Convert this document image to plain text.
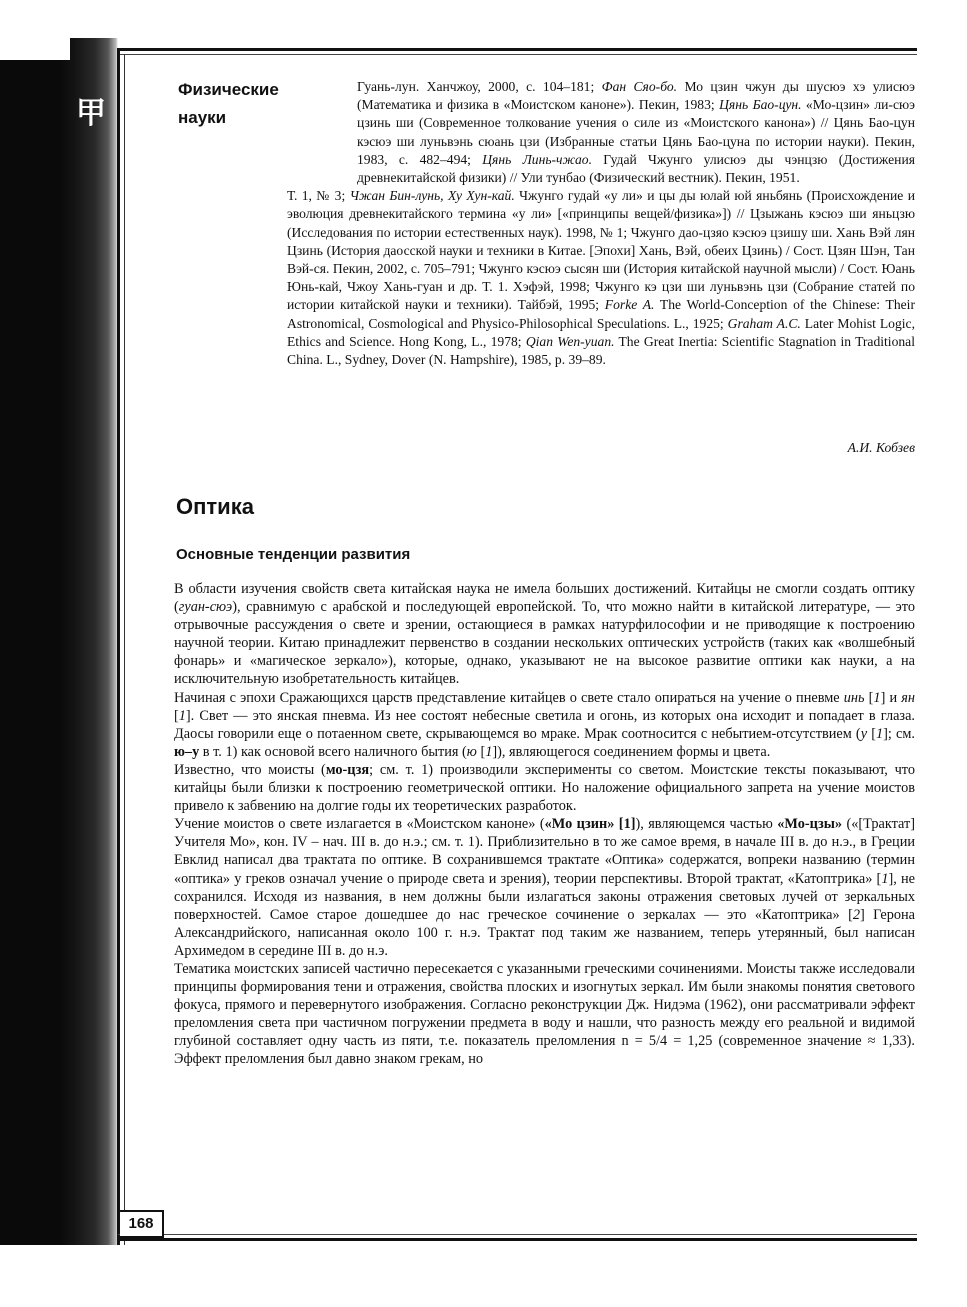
甲
168
Физические
науки
Гуань-лун. Ханчжоу, 2000, с. 104–181; Фан Сяо-бо. Мо цзин чжун ды шусюэ хэ улисюэ (Математика и физика в «Моистском каноне»). Пекин, 1983; Цянь Бао-цун. «Мо-цзин» ли-сюэ цзинь ши (Современное толкование учения о силе из «Моистского канона») // Цянь Бао-цун кэсюэ ши луньвэнь сюань цзи (Избранные статьи Цянь Бао-цуна по истории науки). Пекин, 1983, с. 482–494; Цянь Линь-чжао. Гудай Чжунго улисюэ ды чэнцзю (Достижения древнекитайской физики) // Ули тунбао (Физический вестник). Пекин, 1951.
Т. 1, № 3; Чжан Бин-лунь, Ху Хун-кай. Чжунго гудай «у ли» и цы ды юлай юй яньбянь (Происхождение и эволюция древнекитайского термина «у ли» [«принципы вещей/физика»]) // Цзыжань кэсюэ ши яньцзю (Исследования по истории естественных наук). 1998, № 1; Чжунго дао-цзяо кэсюэ цзишу ши. Хань Вэй лян Цзинь (История даосской науки и техники в Китае. [Эпохи] Хань, Вэй, обеих Цзинь) / Сост. Цзян Шэн, Тан Вэй-ся. Пекин, 2002, с. 705–791; Чжунго кэсюэ сысян ши (История китайской научной мысли) / Сост. Юань Юнь-кай, Чжоу Хань-гуан и др. Т. 1. Хэфэй, 1998; Чжунго кэ цзи ши луньвэнь цзи (Собрание статей по истории китайской науки и техники). Тайбэй, 1995; Forke A. The World-Conception of the Chinese: Their Astronomical, Cosmological and Physico-Philosophical Speculations. L., 1925; Graham A.C. Later Mohist Logic, Ethics and Science. Hong Kong, L., 1978; Qian Wen-yuan. The Great Inertia: Scientific Stagnation in Traditional China. L., Sydney, Dover (N. Hampshire), 1985, p. 39–89.
А.И. Кобзев
Оптика
Основные тенденции развития

В области изучения свойств света китайская наука не имела больших достижений. Китайцы не смогли создать оптику (гуан-сюэ), сравнимую с арабской и последующей европейской. То, что можно найти в китайской литературе, — это отрывочные рассуждения о свете и зрении, остающиеся в рамках натурфилософии и не приводящие к построению научной теории. Китаю принадлежит первенство в создании нескольких оптических устройств (таких как «волшебный фонарь» и «магическое зеркало»), которые, однако, указывают не на высокое развитие оптики как науки, а на исключительную изобретательность китайцев.

Начиная с эпохи Сражающихся царств представление китайцев о свете стало опираться на учение о пневме инь [1] и ян [1]. Свет — это янская пневма. Из нее состоят небесные светила и огонь, из которых она исходит и попадает в глаза. Даосы говорили еще о потаенном свете, скрывающемся во мраке. Мрак соотносится с небытием-отсутствием (у [1]; см. ю–у в т. 1) как основой всего наличного бытия (ю [1]), являющегося соединением формы и цвета.

Известно, что моисты (мо-цзя; см. т. 1) производили эксперименты со светом. Моистские тексты показывают, что китайцы были близки к построению геометрической оптики. Но наложение официального запрета на учение моистов привело к забвению на долгие годы их теоретических разработок.

Учение моистов о свете излагается в «Моистском каноне» («Мо цзин» [1]), являющемся частью «Мо-цзы» («[Трактат] Учителя Мо», кон. IV – нач. III в. до н.э.; см. т. 1). Приблизительно в то же самое время, в начале III в. до н.э., в Греции Евклид написал два трактата по оптике. В сохранившемся трактате «Оптика» содержатся, вопреки названию (термин «оптика» у греков означал учение о природе света и зрения), теории перспективы. Второй трактат, «Катоптрика» [1], не сохранился. Исходя из названия, в нем должны были излагаться законы отражения световых лучей от зеркальных поверхностей. Самое старое дошедшее до нас греческое сочинение о зеркалах — это «Катоптрика» [2] Герона Александрийского, написанная около 100 г. н.э. Трактат под таким же названием, теперь утерянный, был написан Архимедом в середине III в. до н.э.

Тематика моистских записей частично пересекается с указанными греческими сочинениями. Моисты также исследовали принципы формирования тени и отражения, свойства плоских и изогнутых зеркал. Им были знакомы понятия светового фокуса, прямого и перевернутого изображения. Согласно реконструкции Дж. Нидэма (1962), они рассматривали эффект преломления света при частичном погружении предмета в воду и нашли, что разность между его реальной и видимой глубиной составляет одну часть из пяти, т.е. показатель преломления n = 5/4 = 1,25 (современное значение ≈ 1,33). Эффект преломления был давно знаком грекам, но
